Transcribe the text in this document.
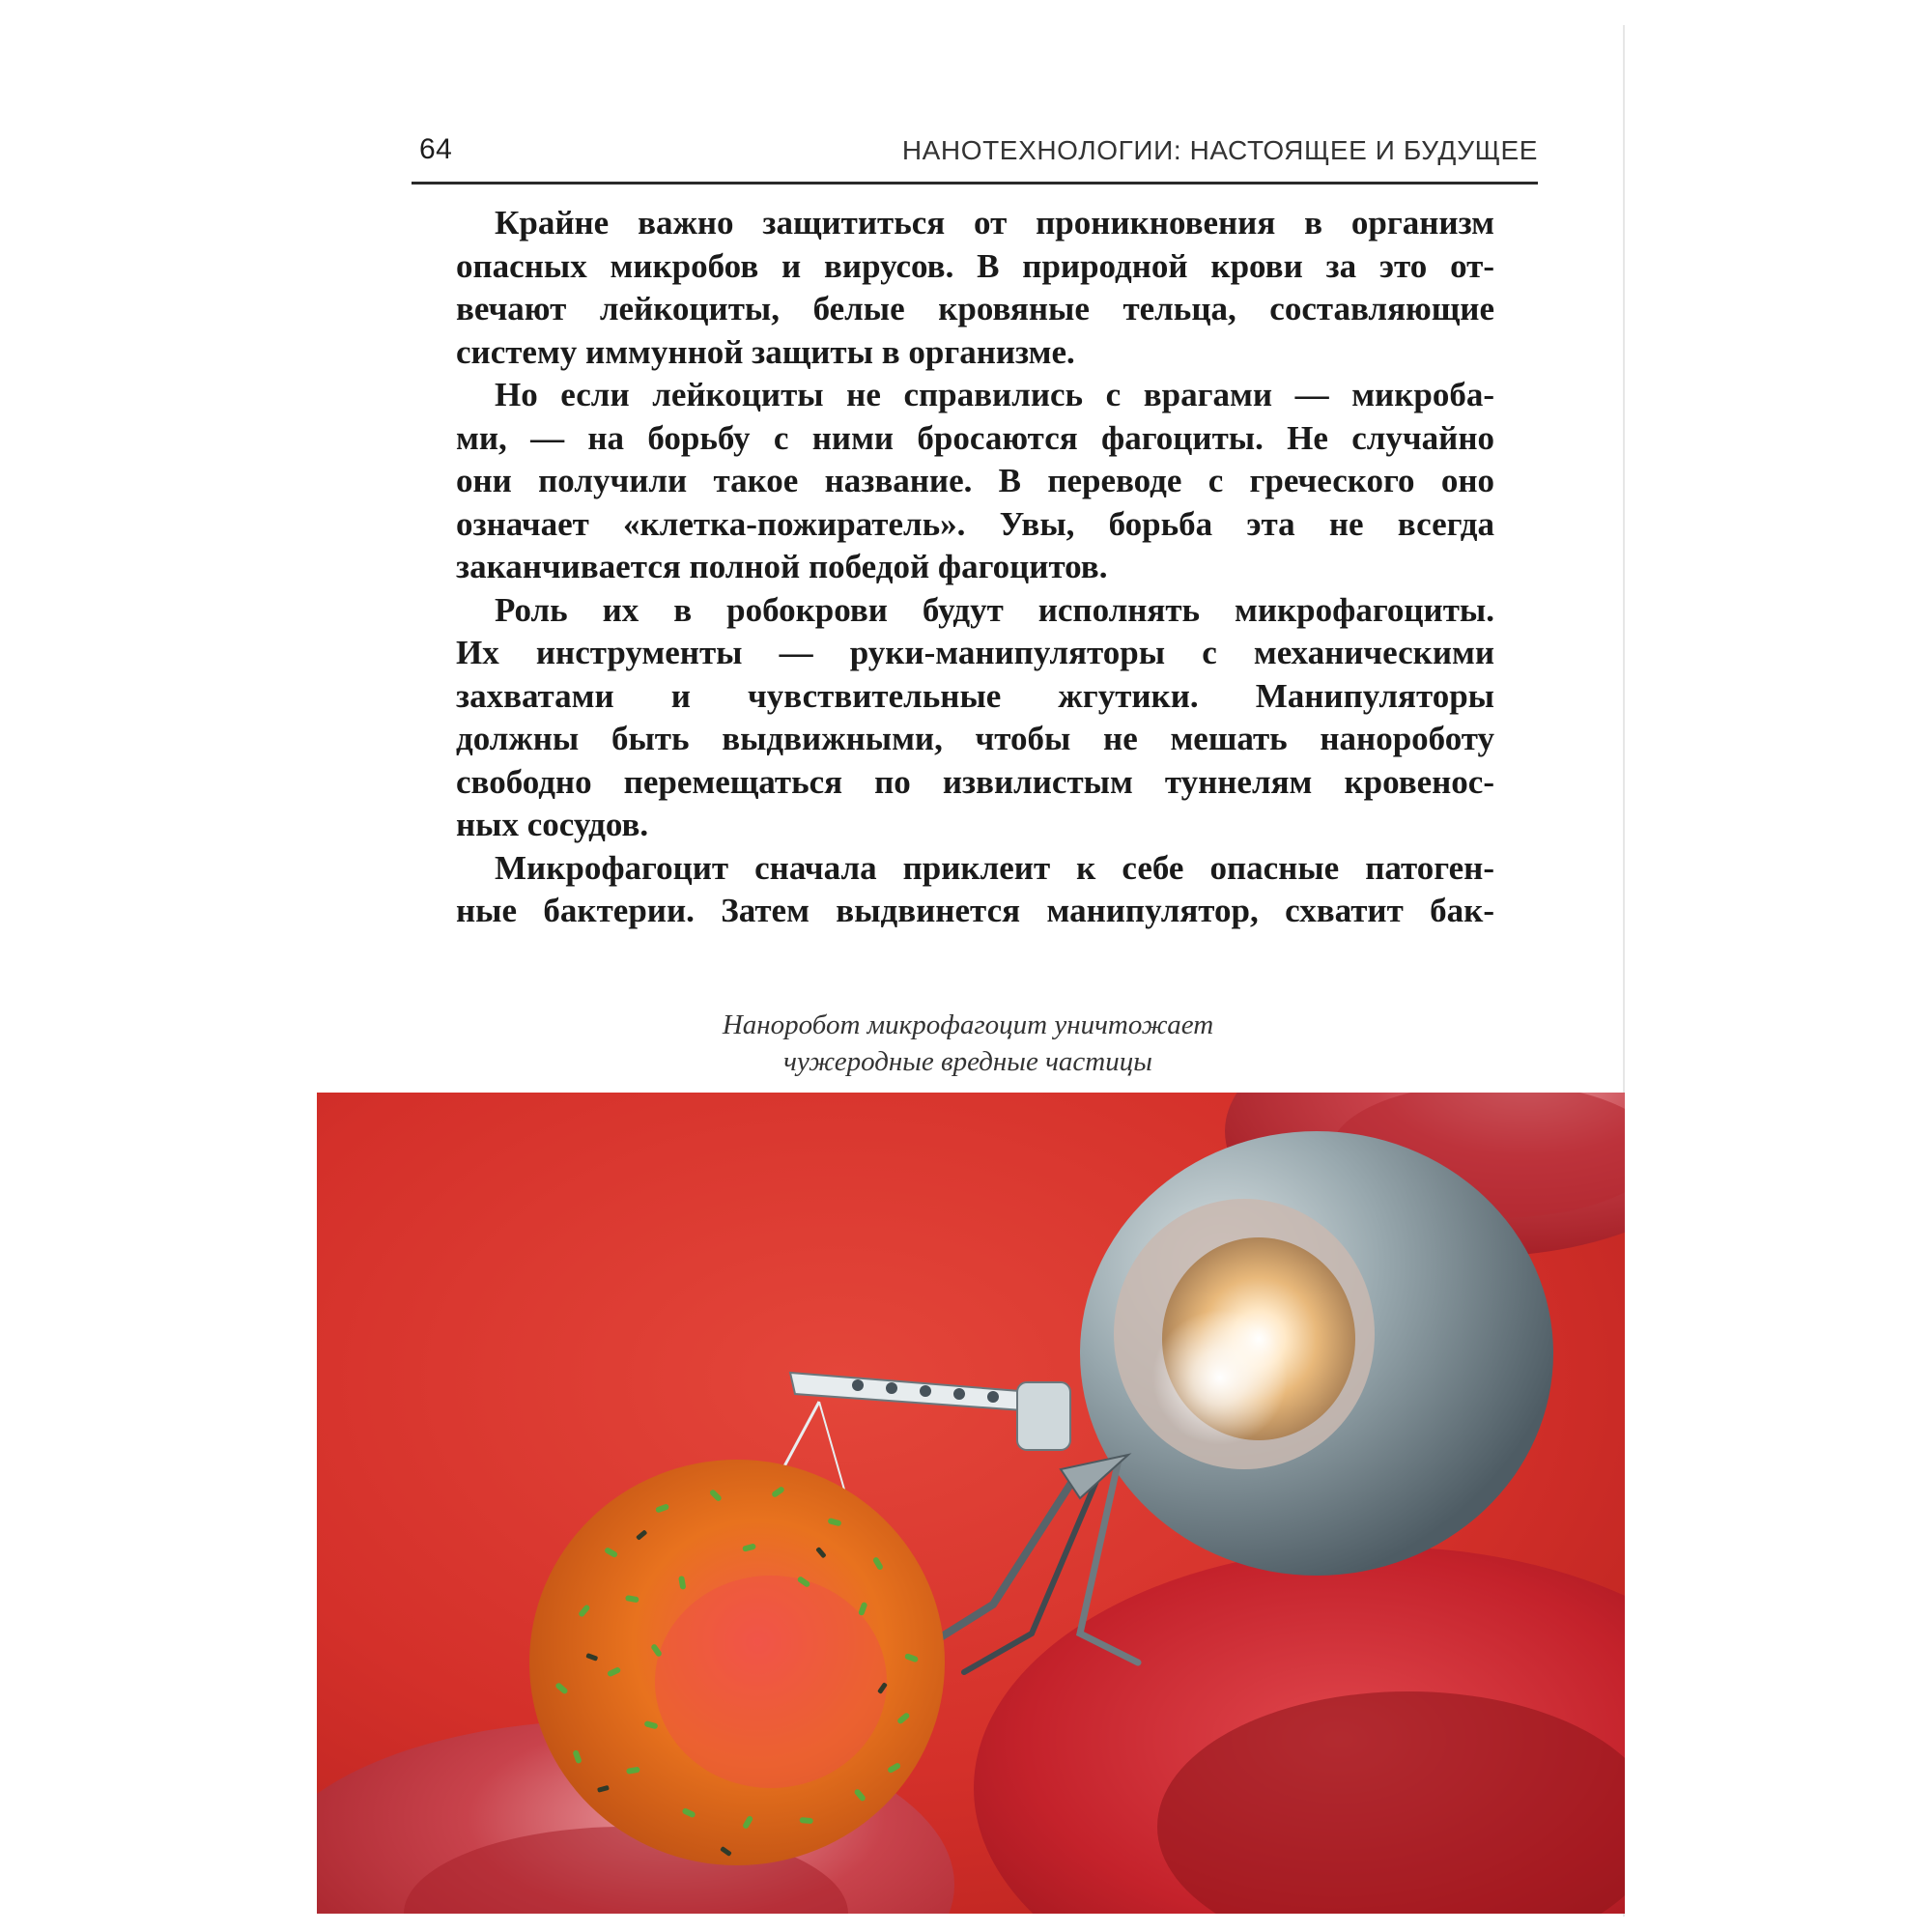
64	НАНОТЕХНОЛОГИИ: НАСТОЯЩЕЕ И БУДУЩЕЕ
Крайне важно защититься от проникновения в организм
опасных микробов и вирусов. В природной крови за это от-
вечают лейкоциты, белые кровяные тельца, составляющие
систему иммунной защиты в организме.
Но если лейкоциты не справились с врагами — микроба-
ми, — на борьбу с ними бросаются фагоциты. Не случайно
они получили такое название. В переводе с греческого оно
означает «клетка-пожиратель». Увы, борьба эта не всегда
заканчивается полной победой фагоцитов.
Роль их в робокрови будут исполнять микрофагоциты.
Их инструменты — руки-манипуляторы с механическими
захватами и чувствительные жгутики. Манипуляторы
должны быть выдвижными, чтобы не мешать нанороботу
свободно перемещаться по извилистым туннелям кровенос-
ных сосудов.
Микрофагоцит сначала приклеит к себе опасные патоген-
ные бактерии. Затем выдвинется манипулятор, схватит бак-
Наноробот микрофагоцит уничтожает
чужеродные вредные частицы
